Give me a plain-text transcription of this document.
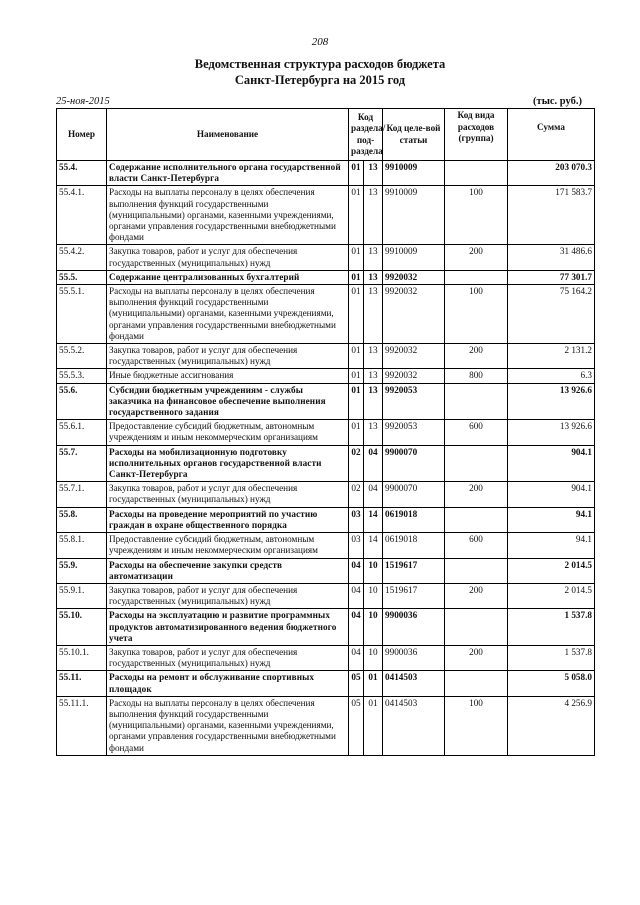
208
Ведомственная структура расходов бюджета
Санкт-Петербурга на 2015 год
25-ноя-2015	(тыс. руб.)
Номер	Наименование	Код раздела/ под-раздела		Код целе-вой статьи	Код вида расходов (группа)	Сумма
55.4.	Содержание исполнительного органа государственной власти Санкт-Петербурга	01	13	9910009		203 070.3
55.4.1.	Расходы на выплаты персоналу в целях обеспечения выполнения функций государственными (муниципальными) органами, казенными учреждениями, органами управления государственными внебюджетными фондами	01	13	9910009	100	171 583.7
55.4.2.	Закупка товаров, работ и услуг для обеспечения государственных (муниципальных) нужд	01	13	9910009	200	31 486.6
55.5.	Содержание централизованных бухгалтерий	01	13	9920032		77 301.7
55.5.1.	Расходы на выплаты персоналу в целях обеспечения выполнения функций государственными (муниципальными) органами, казенными учреждениями, органами управления государственными внебюджетными фондами	01	13	9920032	100	75 164.2
55.5.2.	Закупка товаров, работ и услуг для обеспечения государственных (муниципальных) нужд	01	13	9920032	200	2 131.2
55.5.3.	Иные бюджетные ассигнования	01	13	9920032	800	6.3
55.6.	Субсидии бюджетным учреждениям - службы заказчика на финансовое обеспечение выполнения государственного задания	01	13	9920053		13 926.6
55.6.1.	Предоставление субсидий бюджетным, автономным учреждениям и иным некоммерческим организациям	01	13	9920053	600	13 926.6
55.7.	Расходы на мобилизационную подготовку исполнительных органов государственной власти Санкт-Петербурга	02	04	9900070		904.1
55.7.1.	Закупка товаров, работ и услуг для обеспечения государственных (муниципальных) нужд	02	04	9900070	200	904.1
55.8.	Расходы на проведение мероприятий по участию граждан в охране общественного порядка	03	14	0619018		94.1
55.8.1.	Предоставление субсидий бюджетным, автономным учреждениям и иным некоммерческим организациям	03	14	0619018	600	94.1
55.9.	Расходы на обеспечение закупки средств автоматизации	04	10	1519617		2 014.5
55.9.1.	Закупка товаров, работ и услуг для обеспечения государственных (муниципальных) нужд	04	10	1519617	200	2 014.5
55.10.	Расходы на эксплуатацию и развитие программных продуктов автоматизированного ведения бюджетного учета	04	10	9900036		1 537.8
55.10.1.	Закупка товаров, работ и услуг для обеспечения государственных (муниципальных) нужд	04	10	9900036	200	1 537.8
55.11.	Расходы на ремонт и обслуживание спортивных площадок	05	01	0414503		5 058.0
55.11.1.	Расходы на выплаты персоналу в целях обеспечения выполнения функций государственными (муниципальными) органами, казенными учреждениями, органами управления государственными внебюджетными фондами	05	01	0414503	100	4 256.9
